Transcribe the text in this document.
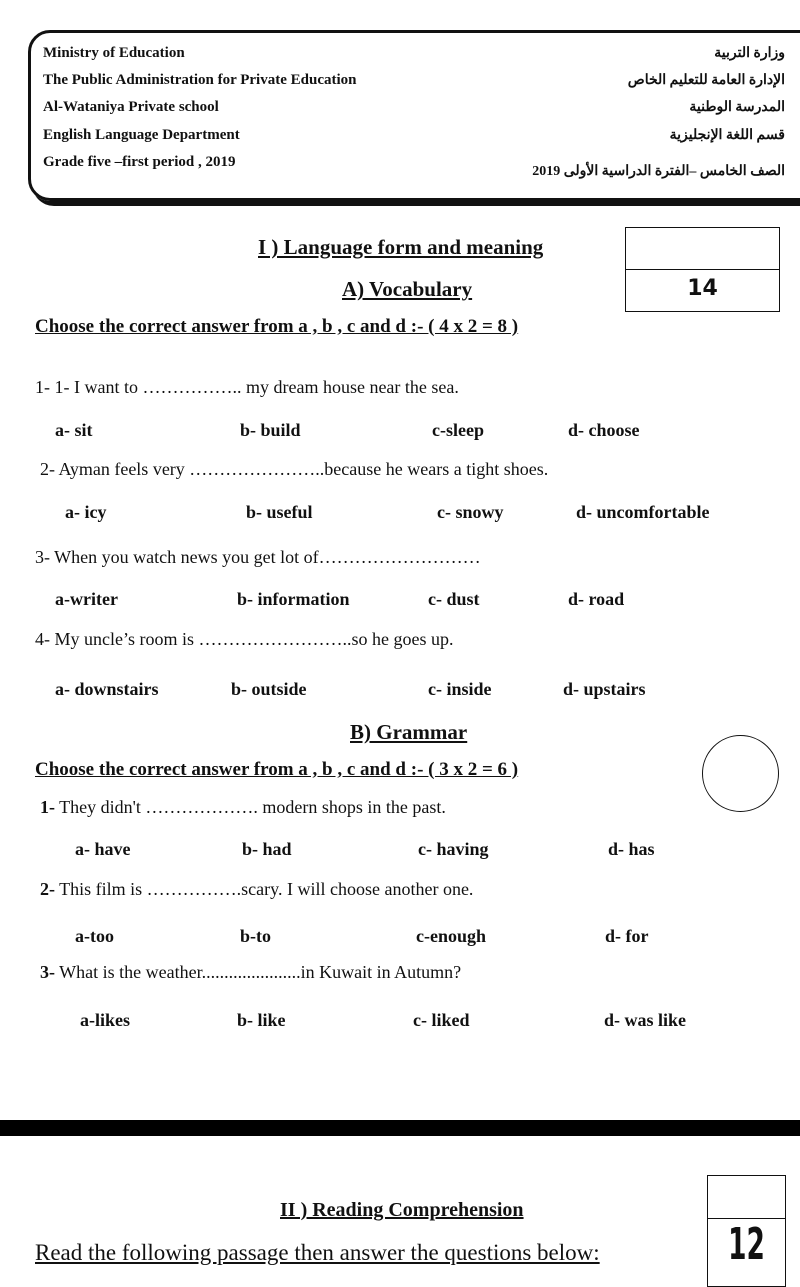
Ministry of Education
The Public Administration for Private Education
Al-Wataniya Private school
English Language Department
Grade five –first period , 2019
وزارة التربية
الإدارة العامة للتعليم الخاص
المدرسة الوطنية
قسم اللغة الإنجليزية
الصف الخامس –الفترة الدراسية الأولى 2019
I ) Language form and meaning
A) Vocabulary	14
Choose the correct answer from a , b , c and d :- ( 4 x 2 = 8 )
1- 1- I want to …………….. my dream house near the sea.
a- sit	b- build	c-sleep	d- choose
2- Ayman feels very …………………..because he wears a tight shoes.
a- icy	b- useful	c- snowy	d- uncomfortable
3- When you watch news you get lot of………………………
a-writer	b- information	c- dust	d- road
4- My uncle’s room is ……………………..so he goes up.
a- downstairs	b- outside	c- inside	d- upstairs
B) Grammar
Choose the correct answer from a , b , c and d :- ( 3 x 2 = 6 )
1- They didn't ………………. modern shops in the past.
a- have	b- had	c- having	d- has
2- This film is …………….scary. I will choose another one.
a-too	b-to	c-enough	d- for
3- What is the weather......................in Kuwait in Autumn?
a-likes	b- like	c- liked	d- was like
II ) Reading Comprehension
Read the following passage then answer the questions below:	12
